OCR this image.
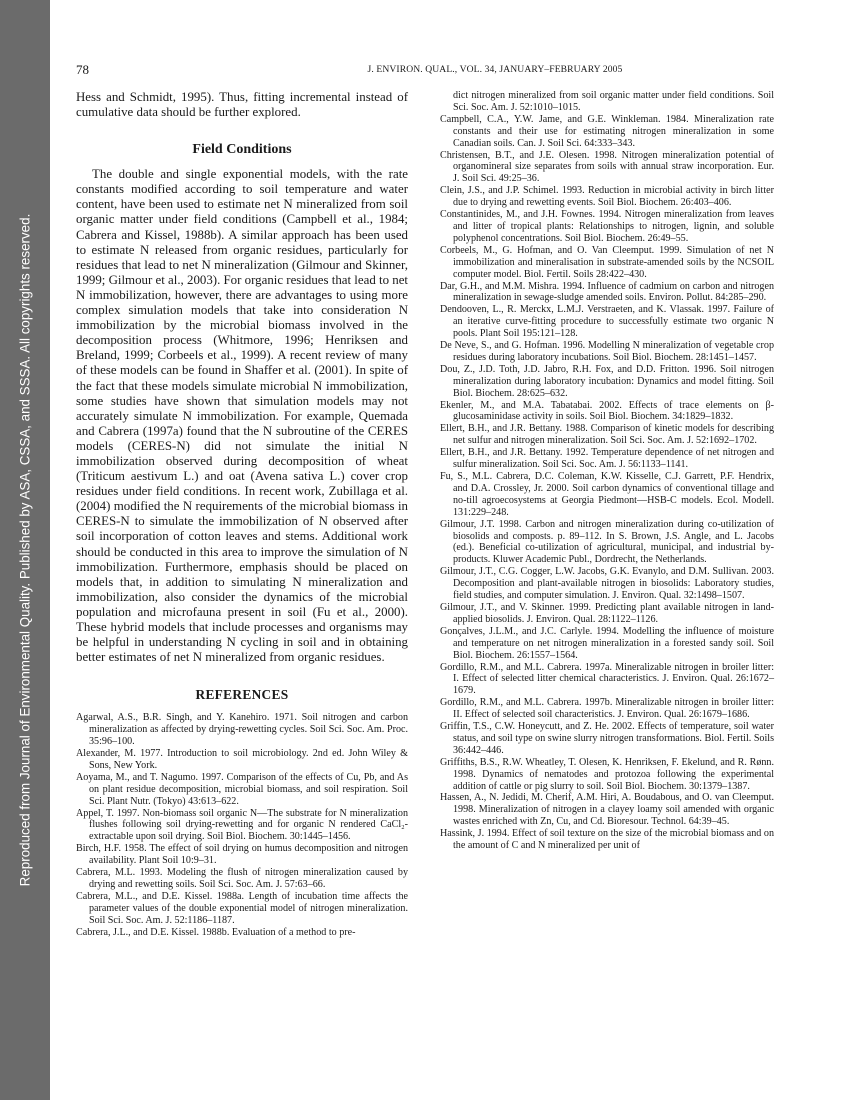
Reproduced from Journal of Environmental Quality. Published by ASA, CSSA, and SSSA. All copyrights reserved.
78	J. ENVIRON. QUAL., VOL. 34, JANUARY–FEBRUARY 2005

Hess and Schmidt, 1995). Thus, fitting incremental instead of cumulative data should be further explored.

Field Conditions

The double and single exponential models, with the rate constants modified according to soil temperature and water content, have been used to estimate net N mineralized from soil organic matter under field conditions (Campbell et al., 1984; Cabrera and Kissel, 1988b). A similar approach has been used to estimate N released from organic residues, particularly for residues that lead to net N mineralization (Gilmour and Skinner, 1999; Gilmour et al., 2003). For organic residues that lead to net N immobilization, however, there are advantages to using more complex simulation models that take into consideration N immobilization by the microbial biomass involved in the decomposition process (Whitmore, 1996; Henriksen and Breland, 1999; Corbeels et al., 1999). A recent review of many of these models can be found in Shaffer et al. (2001). In spite of the fact that these models simulate microbial N immobilization, some studies have shown that simulation models may not accurately simulate N immobilization. For example, Quemada and Cabrera (1997a) found that the N subroutine of the CERES models (CERES-N) did not simulate the initial N immobilization observed during decomposition of wheat (Triticum aestivum L.) and oat (Avena sativa L.) cover crop residues under field conditions. In recent work, Zubillaga et al. (2004) modified the N requirements of the microbial biomass in CERES-N to simulate the immobilization of N observed after soil incorporation of cotton leaves and stems. Additional work should be conducted in this area to improve the simulation of N immobilization. Furthermore, emphasis should be placed on models that, in addition to simulating N mineralization and immobilization, also consider the dynamics of the microbial population and microfauna present in soil (Fu et al., 2000). These hybrid models that include processes and organisms may be helpful in understanding N cycling in soil and in obtaining better estimates of net N mineralized from organic residues.

REFERENCES

Agarwal, A.S., B.R. Singh, and Y. Kanehiro. 1971. Soil nitrogen and carbon mineralization as affected by drying-rewetting cycles. Soil Sci. Soc. Am. Proc. 35:96–100.

Alexander, M. 1977. Introduction to soil microbiology. 2nd ed. John Wiley & Sons, New York.

Aoyama, M., and T. Nagumo. 1997. Comparison of the effects of Cu, Pb, and As on plant residue decomposition, microbial biomass, and soil respiration. Soil Sci. Plant Nutr. (Tokyo) 43:613–622.

Appel, T. 1997. Non-biomass soil organic N—The substrate for N mineralization flushes following soil drying-rewetting and for organic N rendered CaCl₂-extractable upon soil drying. Soil Biol. Biochem. 30:1445–1456.

Birch, H.F. 1958. The effect of soil drying on humus decomposition and nitrogen availability. Plant Soil 10:9–31.

Cabrera, M.L. 1993. Modeling the flush of nitrogen mineralization caused by drying and rewetting soils. Soil Sci. Soc. Am. J. 57:63–66.

Cabrera, M.L., and D.E. Kissel. 1988a. Length of incubation time affects the parameter values of the double exponential model of nitrogen mineralization. Soil Sci. Soc. Am. J. 52:1186–1187.

Cabrera, J.L., and D.E. Kissel. 1988b. Evaluation of a method to pre-

dict nitrogen mineralized from soil organic matter under field conditions. Soil Sci. Soc. Am. J. 52:1010–1015.

Campbell, C.A., Y.W. Jame, and G.E. Winkleman. 1984. Mineralization rate constants and their use for estimating nitrogen mineralization in some Canadian soils. Can. J. Soil Sci. 64:333–343.

Christensen, B.T., and J.E. Olesen. 1998. Nitrogen mineralization potential of organomineral size separates from soils with annual straw incorporation. Eur. J. Soil Sci. 49:25–36.

Clein, J.S., and J.P. Schimel. 1993. Reduction in microbial activity in birch litter due to drying and rewetting events. Soil Biol. Biochem. 26:403–406.

Constantinides, M., and J.H. Fownes. 1994. Nitrogen mineralization from leaves and litter of tropical plants: Relationships to nitrogen, lignin, and soluble polyphenol concentrations. Soil Biol. Biochem. 26:49–55.

Corbeels, M., G. Hofman, and O. Van Cleemput. 1999. Simulation of net N immobilization and mineralisation in substrate-amended soils by the NCSOIL computer model. Biol. Fertil. Soils 28:422–430.

Dar, G.H., and M.M. Mishra. 1994. Influence of cadmium on carbon and nitrogen mineralization in sewage-sludge amended soils. Environ. Pollut. 84:285–290.

Dendooven, L., R. Merckx, L.M.J. Verstraeten, and K. Vlassak. 1997. Failure of an iterative curve-fitting procedure to successfully estimate two organic N pools. Plant Soil 195:121–128.

De Neve, S., and G. Hofman. 1996. Modelling N mineralization of vegetable crop residues during laboratory incubations. Soil Biol. Biochem. 28:1451–1457.

Dou, Z., J.D. Toth, J.D. Jabro, R.H. Fox, and D.D. Fritton. 1996. Soil nitrogen mineralization during laboratory incubation: Dynamics and model fitting. Soil Biol. Biochem. 28:625–632.

Ekenler, M., and M.A. Tabatabai. 2002. Effects of trace elements on β-glucosaminidase activity in soils. Soil Biol. Biochem. 34:1829–1832.

Ellert, B.H., and J.R. Bettany. 1988. Comparison of kinetic models for describing net sulfur and nitrogen mineralization. Soil Sci. Soc. Am. J. 52:1692–1702.

Ellert, B.H., and J.R. Bettany. 1992. Temperature dependence of net nitrogen and sulfur mineralization. Soil Sci. Soc. Am. J. 56:1133–1141.

Fu, S., M.L. Cabrera, D.C. Coleman, K.W. Kisselle, C.J. Garrett, P.F. Hendrix, and D.A. Crossley, Jr. 2000. Soil carbon dynamics of conventional tillage and no-till agroecosystems at Georgia Piedmont—HSB-C models. Ecol. Modell. 131:229–248.

Gilmour, J.T. 1998. Carbon and nitrogen mineralization during co-utilization of biosolids and composts. p. 89–112. In S. Brown, J.S. Angle, and L. Jacobs (ed.). Beneficial co-utilization of agricultural, municipal, and industrial by-products. Kluwer Academic Publ., Dordrecht, the Netherlands.

Gilmour, J.T., C.G. Cogger, L.W. Jacobs, G.K. Evanylo, and D.M. Sullivan. 2003. Decomposition and plant-available nitrogen in biosolids: Laboratory studies, field studies, and computer simulation. J. Environ. Qual. 32:1498–1507.

Gilmour, J.T., and V. Skinner. 1999. Predicting plant available nitrogen in land-applied biosolids. J. Environ. Qual. 28:1122–1126.

Gonçalves, J.L.M., and J.C. Carlyle. 1994. Modelling the influence of moisture and temperature on net nitrogen mineralization in a forested sandy soil. Soil Biol. Biochem. 26:1557–1564.

Gordillo, R.M., and M.L. Cabrera. 1997a. Mineralizable nitrogen in broiler litter: I. Effect of selected litter chemical characteristics. J. Environ. Qual. 26:1672–1679.

Gordillo, R.M., and M.L. Cabrera. 1997b. Mineralizable nitrogen in broiler litter: II. Effect of selected soil characteristics. J. Environ. Qual. 26:1679–1686.

Griffin, T.S., C.W. Honeycutt, and Z. He. 2002. Effects of temperature, soil water status, and soil type on swine slurry nitrogen transformations. Biol. Fertil. Soils 36:442–446.

Griffiths, B.S., R.W. Wheatley, T. Olesen, K. Henriksen, F. Ekelund, and R. Rønn. 1998. Dynamics of nematodes and protozoa following the experimental addition of cattle or pig slurry to soil. Soil Biol. Biochem. 30:1379–1387.

Hassen, A., N. Jedidi, M. Cherif, A.M. Hiri, A. Boudabous, and O. van Cleemput. 1998. Mineralization of nitrogen in a clayey loamy soil amended with organic wastes enriched with Zn, Cu, and Cd. Bioresour. Technol. 64:39–45.

Hassink, J. 1994. Effect of soil texture on the size of the microbial biomass and on the amount of C and N mineralized per unit of
